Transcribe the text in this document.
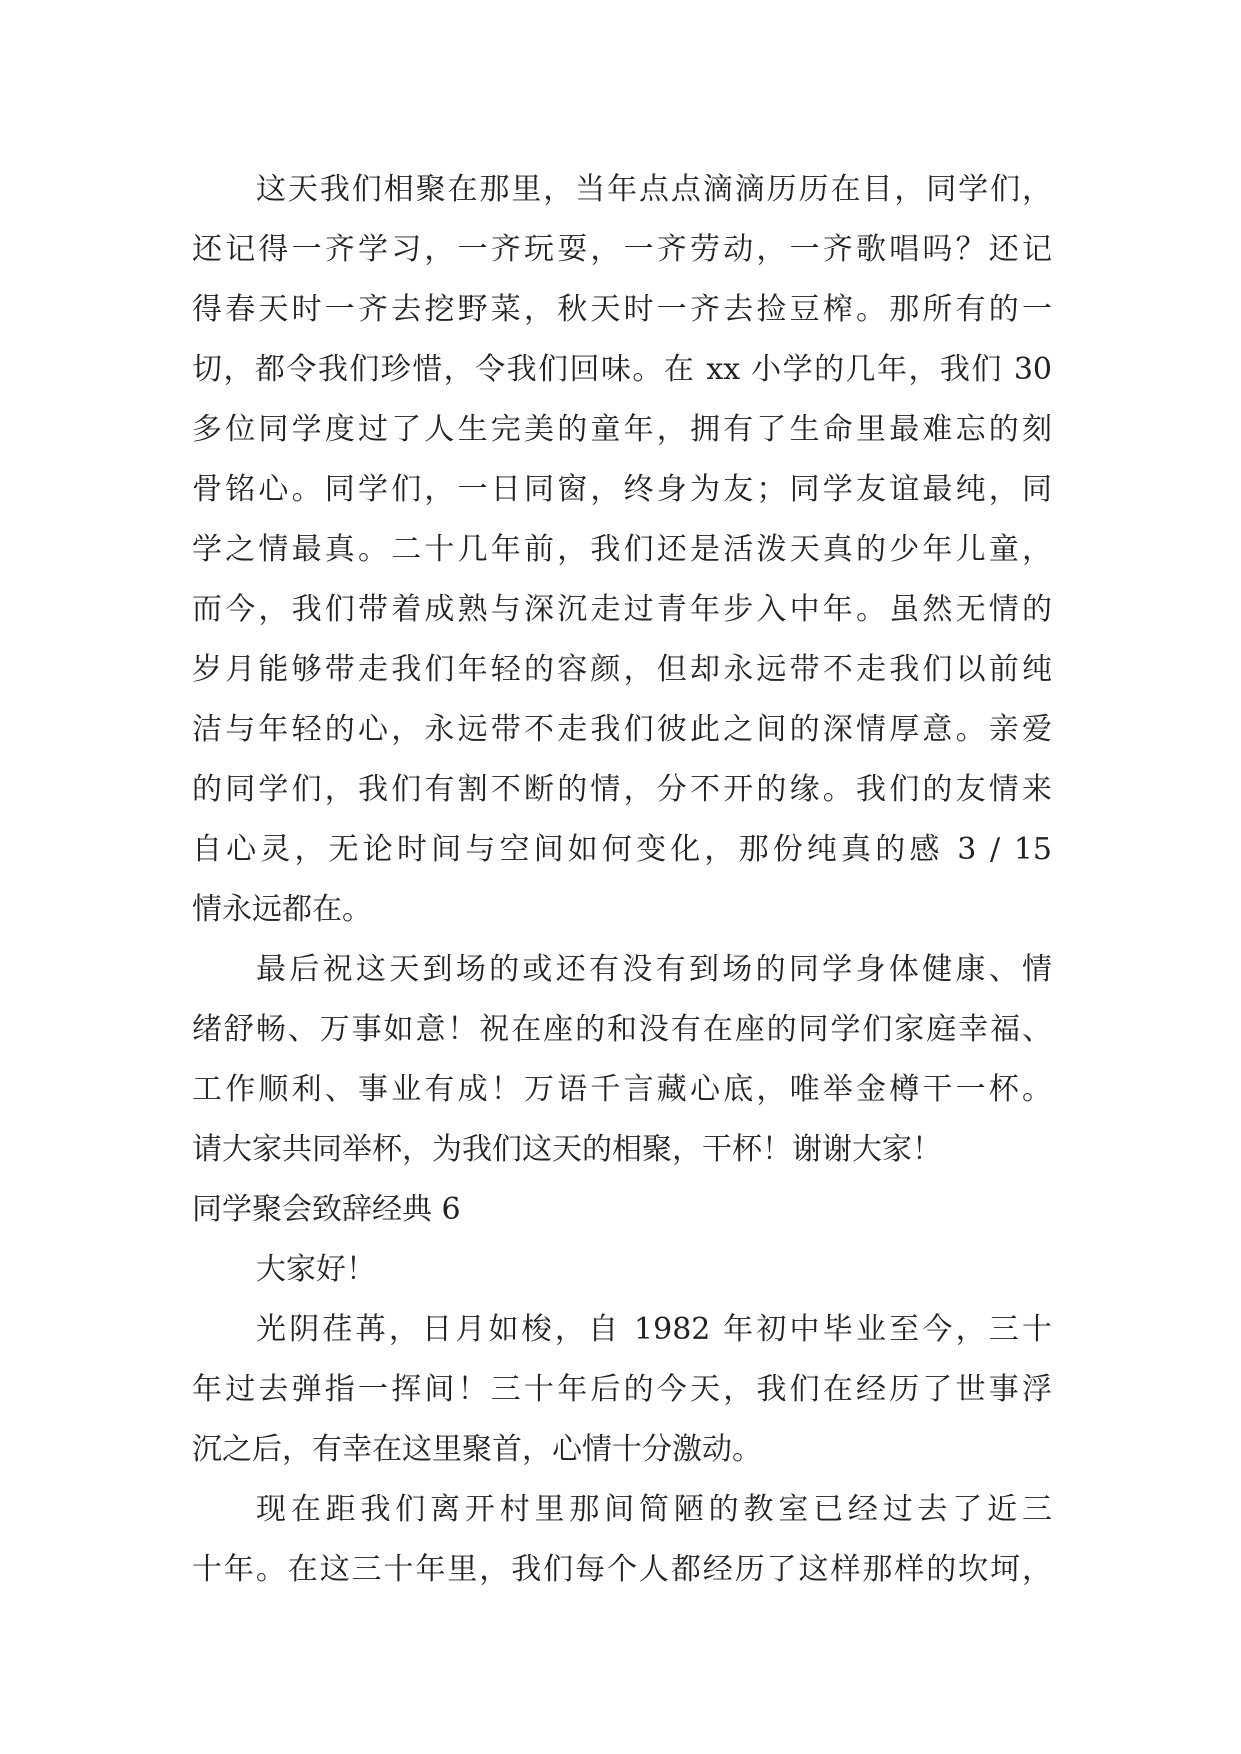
这天我们相聚在那里，当年点点滴滴历历在目，同学们，
还记得一齐学习，一齐玩耍，一齐劳动，一齐歌唱吗？还记
得春天时一齐去挖野菜，秋天时一齐去捡豆榨。那所有的一
切，都令我们珍惜，令我们回味。在 xx 小学的几年，我们 30
多位同学度过了人生完美的童年，拥有了生命里最难忘的刻
骨铭心。同学们，一日同窗，终身为友；同学友谊最纯，同
学之情最真。二十几年前，我们还是活泼天真的少年儿童，
而今，我们带着成熟与深沉走过青年步入中年。虽然无情的
岁月能够带走我们年轻的容颜，但却永远带不走我们以前纯
洁与年轻的心，永远带不走我们彼此之间的深情厚意。亲爱
的同学们，我们有割不断的情，分不开的缘。我们的友情来
自心灵，无论时间与空间如何变化，那份纯真的感 3 / 15
情永远都在。
最后祝这天到场的或还有没有到场的同学身体健康、情
绪舒畅、万事如意！祝在座的和没有在座的同学们家庭幸福、
工作顺利、事业有成！万语千言藏心底，唯举金樽干一杯。
请大家共同举杯，为我们这天的相聚，干杯！谢谢大家！
同学聚会致辞经典 6
大家好！
光阴荏苒，日月如梭，自 1982 年初中毕业至今，三十
年过去弹指一挥间！三十年后的今天，我们在经历了世事浮
沉之后，有幸在这里聚首，心情十分激动。
现在距我们离开村里那间简陋的教室已经过去了近三
十年。在这三十年里，我们每个人都经历了这样那样的坎坷，
